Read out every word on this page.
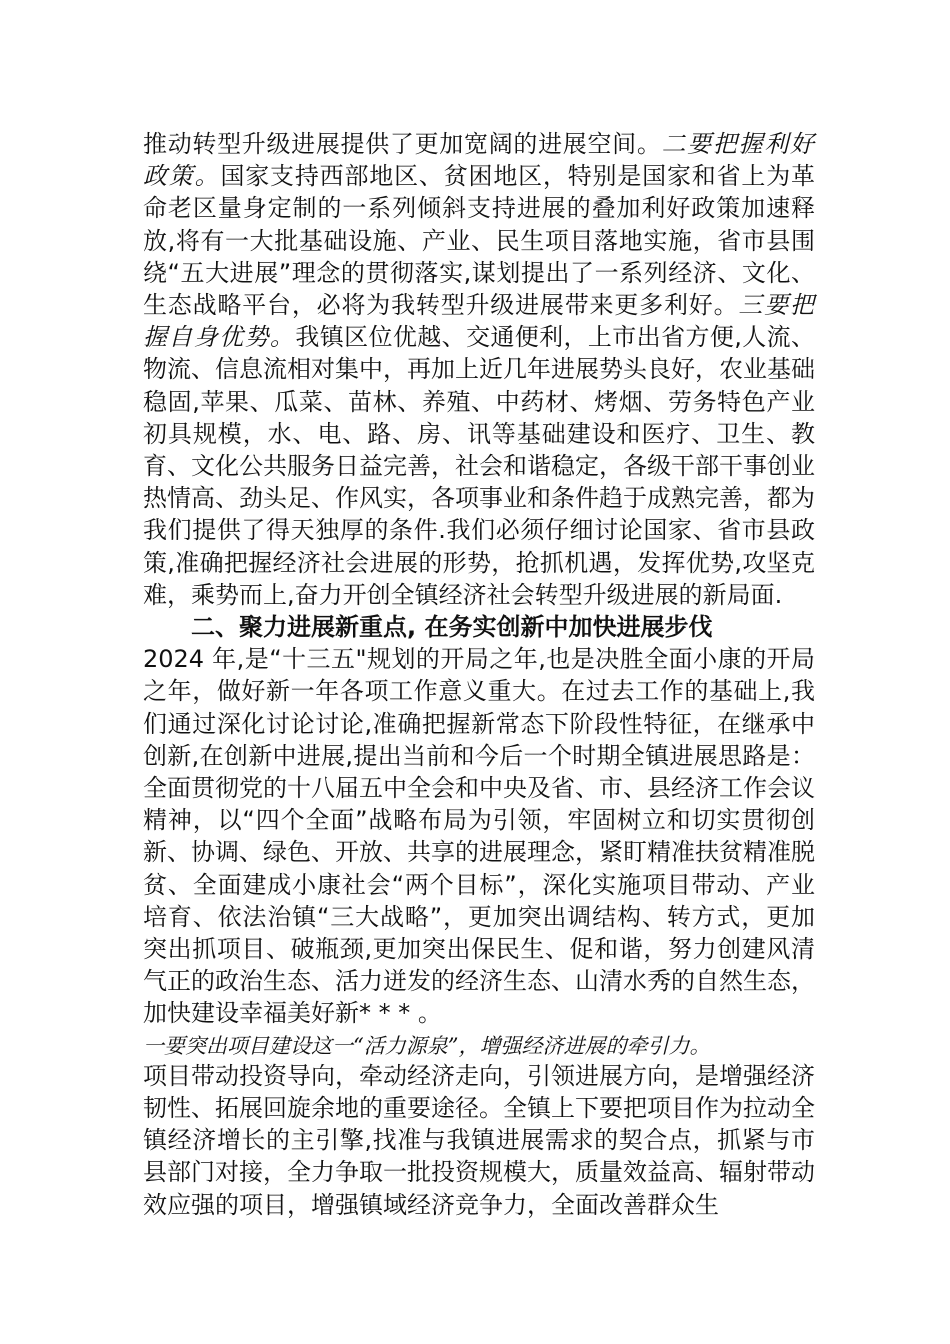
推动转型升级进展提供了更加宽阔的进展空间。二要把握利好政策。国家支持西部地区、贫困地区，特别是国家和省上为革命老区量身定制的一系列倾斜支持进展的叠加利好政策加速释放,将有一大批基础设施、产业、民生项目落地实施，省市县围绕“五大进展”理念的贯彻落实,谋划提出了一系列经济、文化、生态战略平台，必将为我转型升级进展带来更多利好。三要把握自身优势。我镇区位优越、交通便利，上市出省方便,人流、物流、信息流相对集中，再加上近几年进展势头良好，农业基础稳固,苹果、瓜菜、苗林、养殖、中药材、烤烟、劳务特色产业初具规模，水、电、路、房、讯等基础建设和医疗、卫生、教育、文化公共服务日益完善，社会和谐稳定，各级干部干事创业热情高、劲头足、作风实，各项事业和条件趋于成熟完善，都为我们提供了得天独厚的条件.我们必须仔细讨论国家、省市县政策,准确把握经济社会进展的形势，抢抓机遇，发挥优势,攻坚克难，乘势而上,奋力开创全镇经济社会转型升级进展的新局面.

二、聚力进展新重点, 在务实创新中加快进展步伐

2024 年,是“十三五"规划的开局之年,也是决胜全面小康的开局之年，做好新一年各项工作意义重大。在过去工作的基础上,我们通过深化讨论讨论,准确把握新常态下阶段性特征，在继承中创新,在创新中进展,提出当前和今后一个时期全镇进展思路是：全面贯彻党的十八届五中全会和中央及省、市、县经济工作会议精神，以“四个全面”战略布局为引领，牢固树立和切实贯彻创新、协调、绿色、开放、共享的进展理念，紧盯精准扶贫精准脱贫、全面建成小康社会“两个目标”，深化实施项目带动、产业培育、依法治镇“三大战略”，更加突出调结构、转方式，更加突出抓项目、破瓶颈,更加突出保民生、促和谐，努力创建风清气正的政治生态、活力迸发的经济生态、山清水秀的自然生态，加快建设幸福美好新* * * 。

一要突出项目建设这一“活力源泉”，增强经济进展的牵引力。

项目带动投资导向，牵动经济走向，引领进展方向，是增强经济韧性、拓展回旋余地的重要途径。全镇上下要把项目作为拉动全镇经济增长的主引擎,找准与我镇进展需求的契合点，抓紧与市县部门对接，全力争取一批投资规模大，质量效益高、辐射带动效应强的项目，增强镇域经济竞争力，全面改善群众生
